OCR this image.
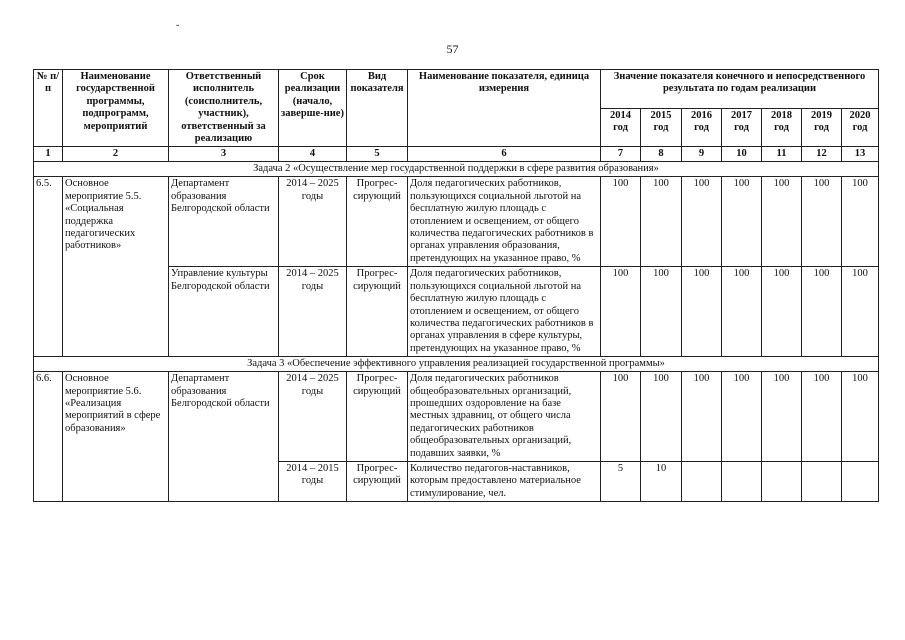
˘
57
№ п/п	Наименование государственной программы, подпрограмм, мероприятий	Ответственный исполнитель (соисполнитель, участник), ответственный за реализацию	Срок реализации (начало, заверше-ние)	Вид показателя	Наименование показателя, единица измерения	Значение показателя конечного и непосредственного результата по годам реализации						
						2014 год	2015 год	2016 год	2017 год	2018 год	2019 год	2020 год
1	2	3	4	5	6	7	8	9	10	11	12	13
Задача 2 «Осуществление мер государственной поддержки в сфере развития образования»												
6.5.	Основное мероприятие 5.5. «Социальная поддержка педагогических работников»	Департамент образования Белгородской области	2014 – 2025 годы	Прогрес-сирующий	Доля педагогических работников, пользующихся социальной льготой на бесплатную жилую площадь с отоплением и освещением, от общего количества педагогических работников в органах управления образования, претендующих на указанное право, %	100	100	100	100	100	100	100
		Управление культуры Белгородской области	2014 – 2025 годы	Прогрес-сирующий	Доля педагогических работников, пользующихся социальной льготой на бесплатную жилую площадь с отоплением и освещением, от общего количества педагогических работников в органах управления в сфере культуры, претендующих на указанное право, %	100	100	100	100	100	100	100
Задача 3 «Обеспечение эффективного управления реализацией государственной программы»												
6.6.	Основное мероприятие 5.6. «Реализация мероприятий в сфере образования»	Департамент образования Белгородской области	2014 – 2025 годы	Прогрес-сирующий	Доля педагогических работников общеобразовательных организаций, прошедших оздоровление на базе местных здравниц, от общего числа педагогических работников общеобразовательных организаций, подавших заявки, %	100	100	100	100	100	100	100
			2014 – 2015 годы	Прогрес-сирующий	Количество педагогов-наставников, которым предоставлено материальное стимулирование, чел.	5	10					
